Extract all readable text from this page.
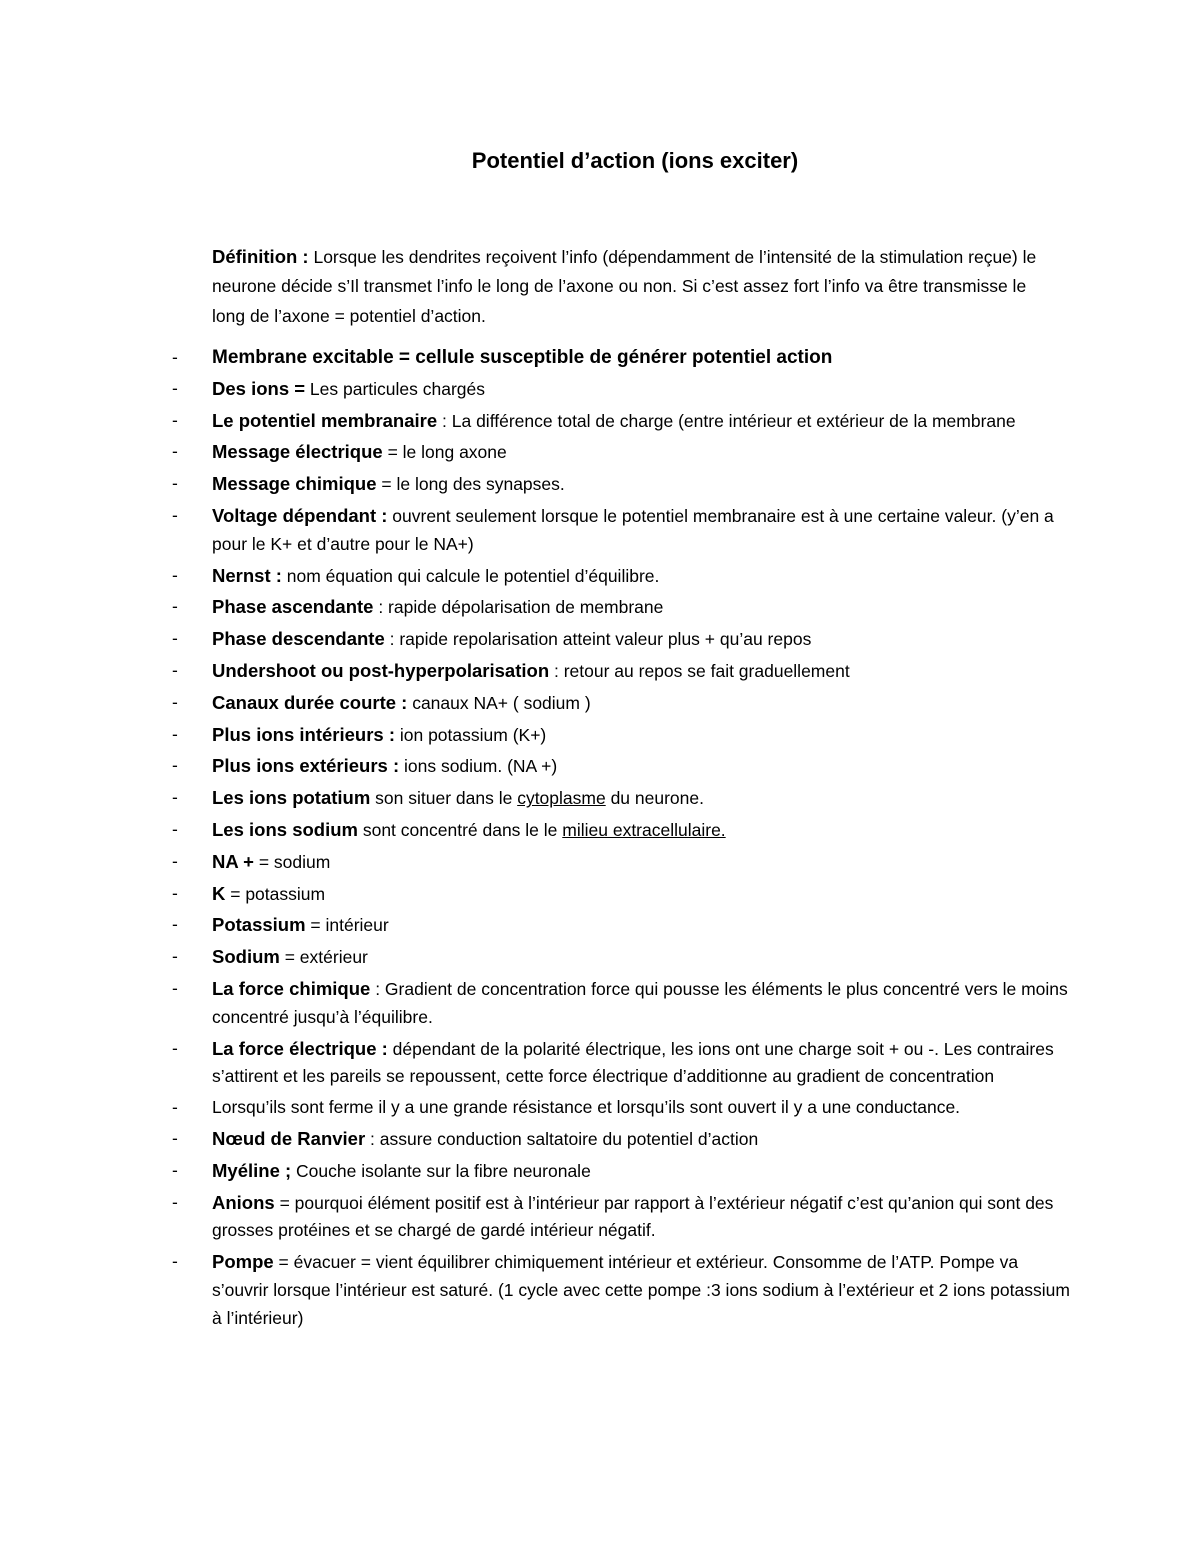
Potentiel d’action (ions exciter)

Définition : Lorsque les dendrites reçoivent l’info (dépendamment de l’intensité de la stimulation reçue) le neurone décide s’Il transmet l’info le long de l’axone ou non. Si c’est assez fort l’info va être transmisse le long de l’axone = potentiel d’action.

- Membrane excitable = cellule susceptible de générer potentiel action
- Des ions = Les particules chargés
- Le potentiel membranaire : La différence total de charge (entre intérieur et extérieur de la membrane
- Message électrique = le long axone
- Message chimique = le long des synapses.
- Voltage dépendant : ouvrent seulement lorsque le potentiel membranaire est à une certaine valeur. (y’en a pour le K+ et d’autre pour le NA+)
- Nernst : nom équation qui calcule le potentiel d’équilibre.
- Phase ascendante : rapide dépolarisation de membrane
- Phase descendante : rapide repolarisation atteint valeur plus + qu’au repos
- Undershoot ou post-hyperpolarisation : retour au repos se fait graduellement
- Canaux durée courte : canaux NA+ ( sodium )
- Plus ions intérieurs : ion potassium (K+)
- Plus ions extérieurs : ions sodium. (NA +)
- Les ions potatium son situer dans le cytoplasme du neurone.
- Les ions sodium sont concentré dans le le milieu extracellulaire.
- NA + = sodium
- K = potassium
- Potassium = intérieur
- Sodium = extérieur
- La force chimique : Gradient de concentration force qui pousse les éléments le plus concentré vers le moins concentré jusqu’à l’équilibre.
- La force électrique : dépendant de la polarité électrique, les ions ont une charge soit + ou -. Les contraires s’attirent et les pareils se repoussent, cette force électrique d’additionne au gradient de concentration
- Lorsqu’ils sont ferme il y a une grande résistance et lorsqu’ils sont ouvert il y a une conductance.
- Nœud de Ranvier : assure conduction saltatoire du potentiel d’action
- Myéline ; Couche isolante sur la fibre neuronale
- Anions = pourquoi élément positif est à l’intérieur par rapport à l’extérieur négatif c’est qu’anion qui sont des grosses protéines et se chargé de gardé intérieur négatif.
- Pompe = évacuer = vient équilibrer chimiquement intérieur et extérieur. Consomme de l’ATP. Pompe va s’ouvrir lorsque l’intérieur est saturé. (1 cycle avec cette pompe :3 ions sodium à l’extérieur et 2 ions potassium à l’intérieur)
